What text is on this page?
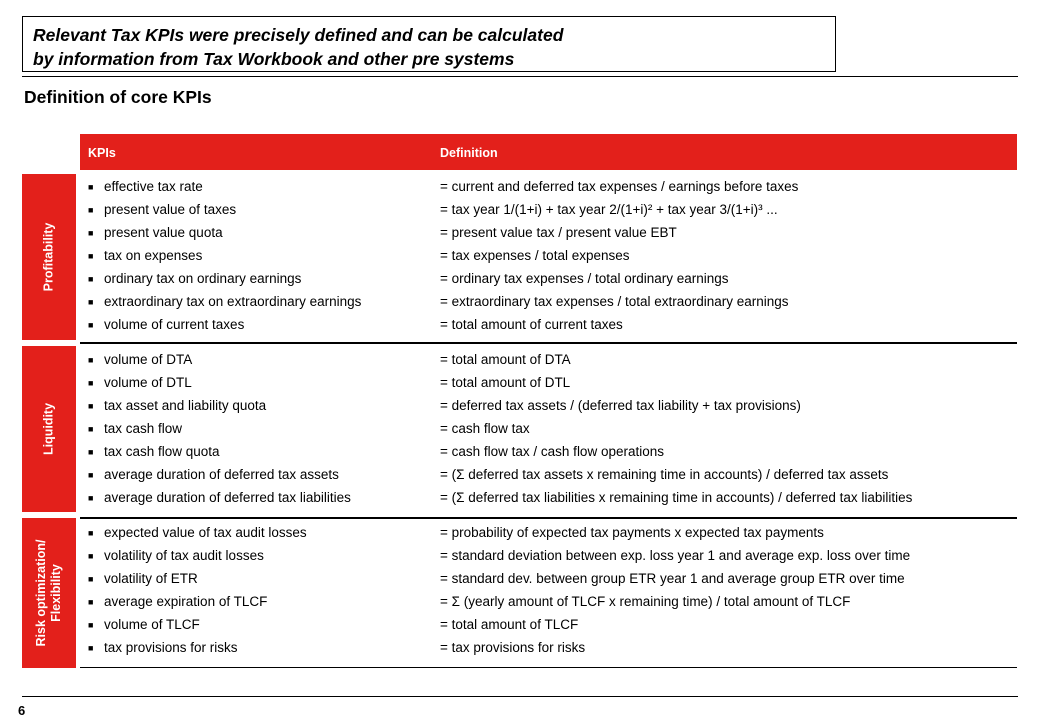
Relevant Tax KPIs were precisely defined and can be calculated
by information from Tax Workbook and other pre systems
Definition of core KPIs
KPIs	Definition
Profitability
Liquidity
Risk optimization/ Flexibility
■ effective tax rate	= current and deferred tax expenses / earnings before taxes
■ present value of taxes	= tax year 1/(1+i) + tax year 2/(1+i)² + tax year 3/(1+i)³ ...
■ present value quota	= present value tax / present value EBT
■ tax on expenses	= tax expenses / total expenses
■ ordinary tax on ordinary earnings	= ordinary tax expenses / total ordinary earnings
■ extraordinary tax on extraordinary earnings	= extraordinary tax expenses / total extraordinary earnings
■ volume of current taxes	= total amount of current taxes
■ volume of DTA	= total amount of DTA
■ volume of DTL	= total amount of DTL
■ tax asset and liability quota	= deferred tax assets / (deferred tax liability + tax provisions)
■ tax cash flow	= cash flow tax
■ tax cash flow quota	= cash flow tax / cash flow operations
■ average duration of deferred tax assets	= (Σ deferred tax assets x remaining time in accounts) / deferred tax assets
■ average duration of deferred tax liabilities	= (Σ deferred tax liabilities x remaining time in accounts) / deferred tax liabilities
■ expected value of tax audit losses	= probability of expected tax payments x expected tax payments
■ volatility of tax audit losses	= standard deviation between exp. loss year 1 and average exp. loss over time
■ volatility of ETR	= standard dev. between group ETR year 1 and average group ETR over time
■ average expiration of TLCF	= Σ (yearly amount of TLCF x remaining time) / total amount of TLCF
■ volume of TLCF	= total amount of TLCF
■ tax provisions for risks	= tax provisions for risks
6
